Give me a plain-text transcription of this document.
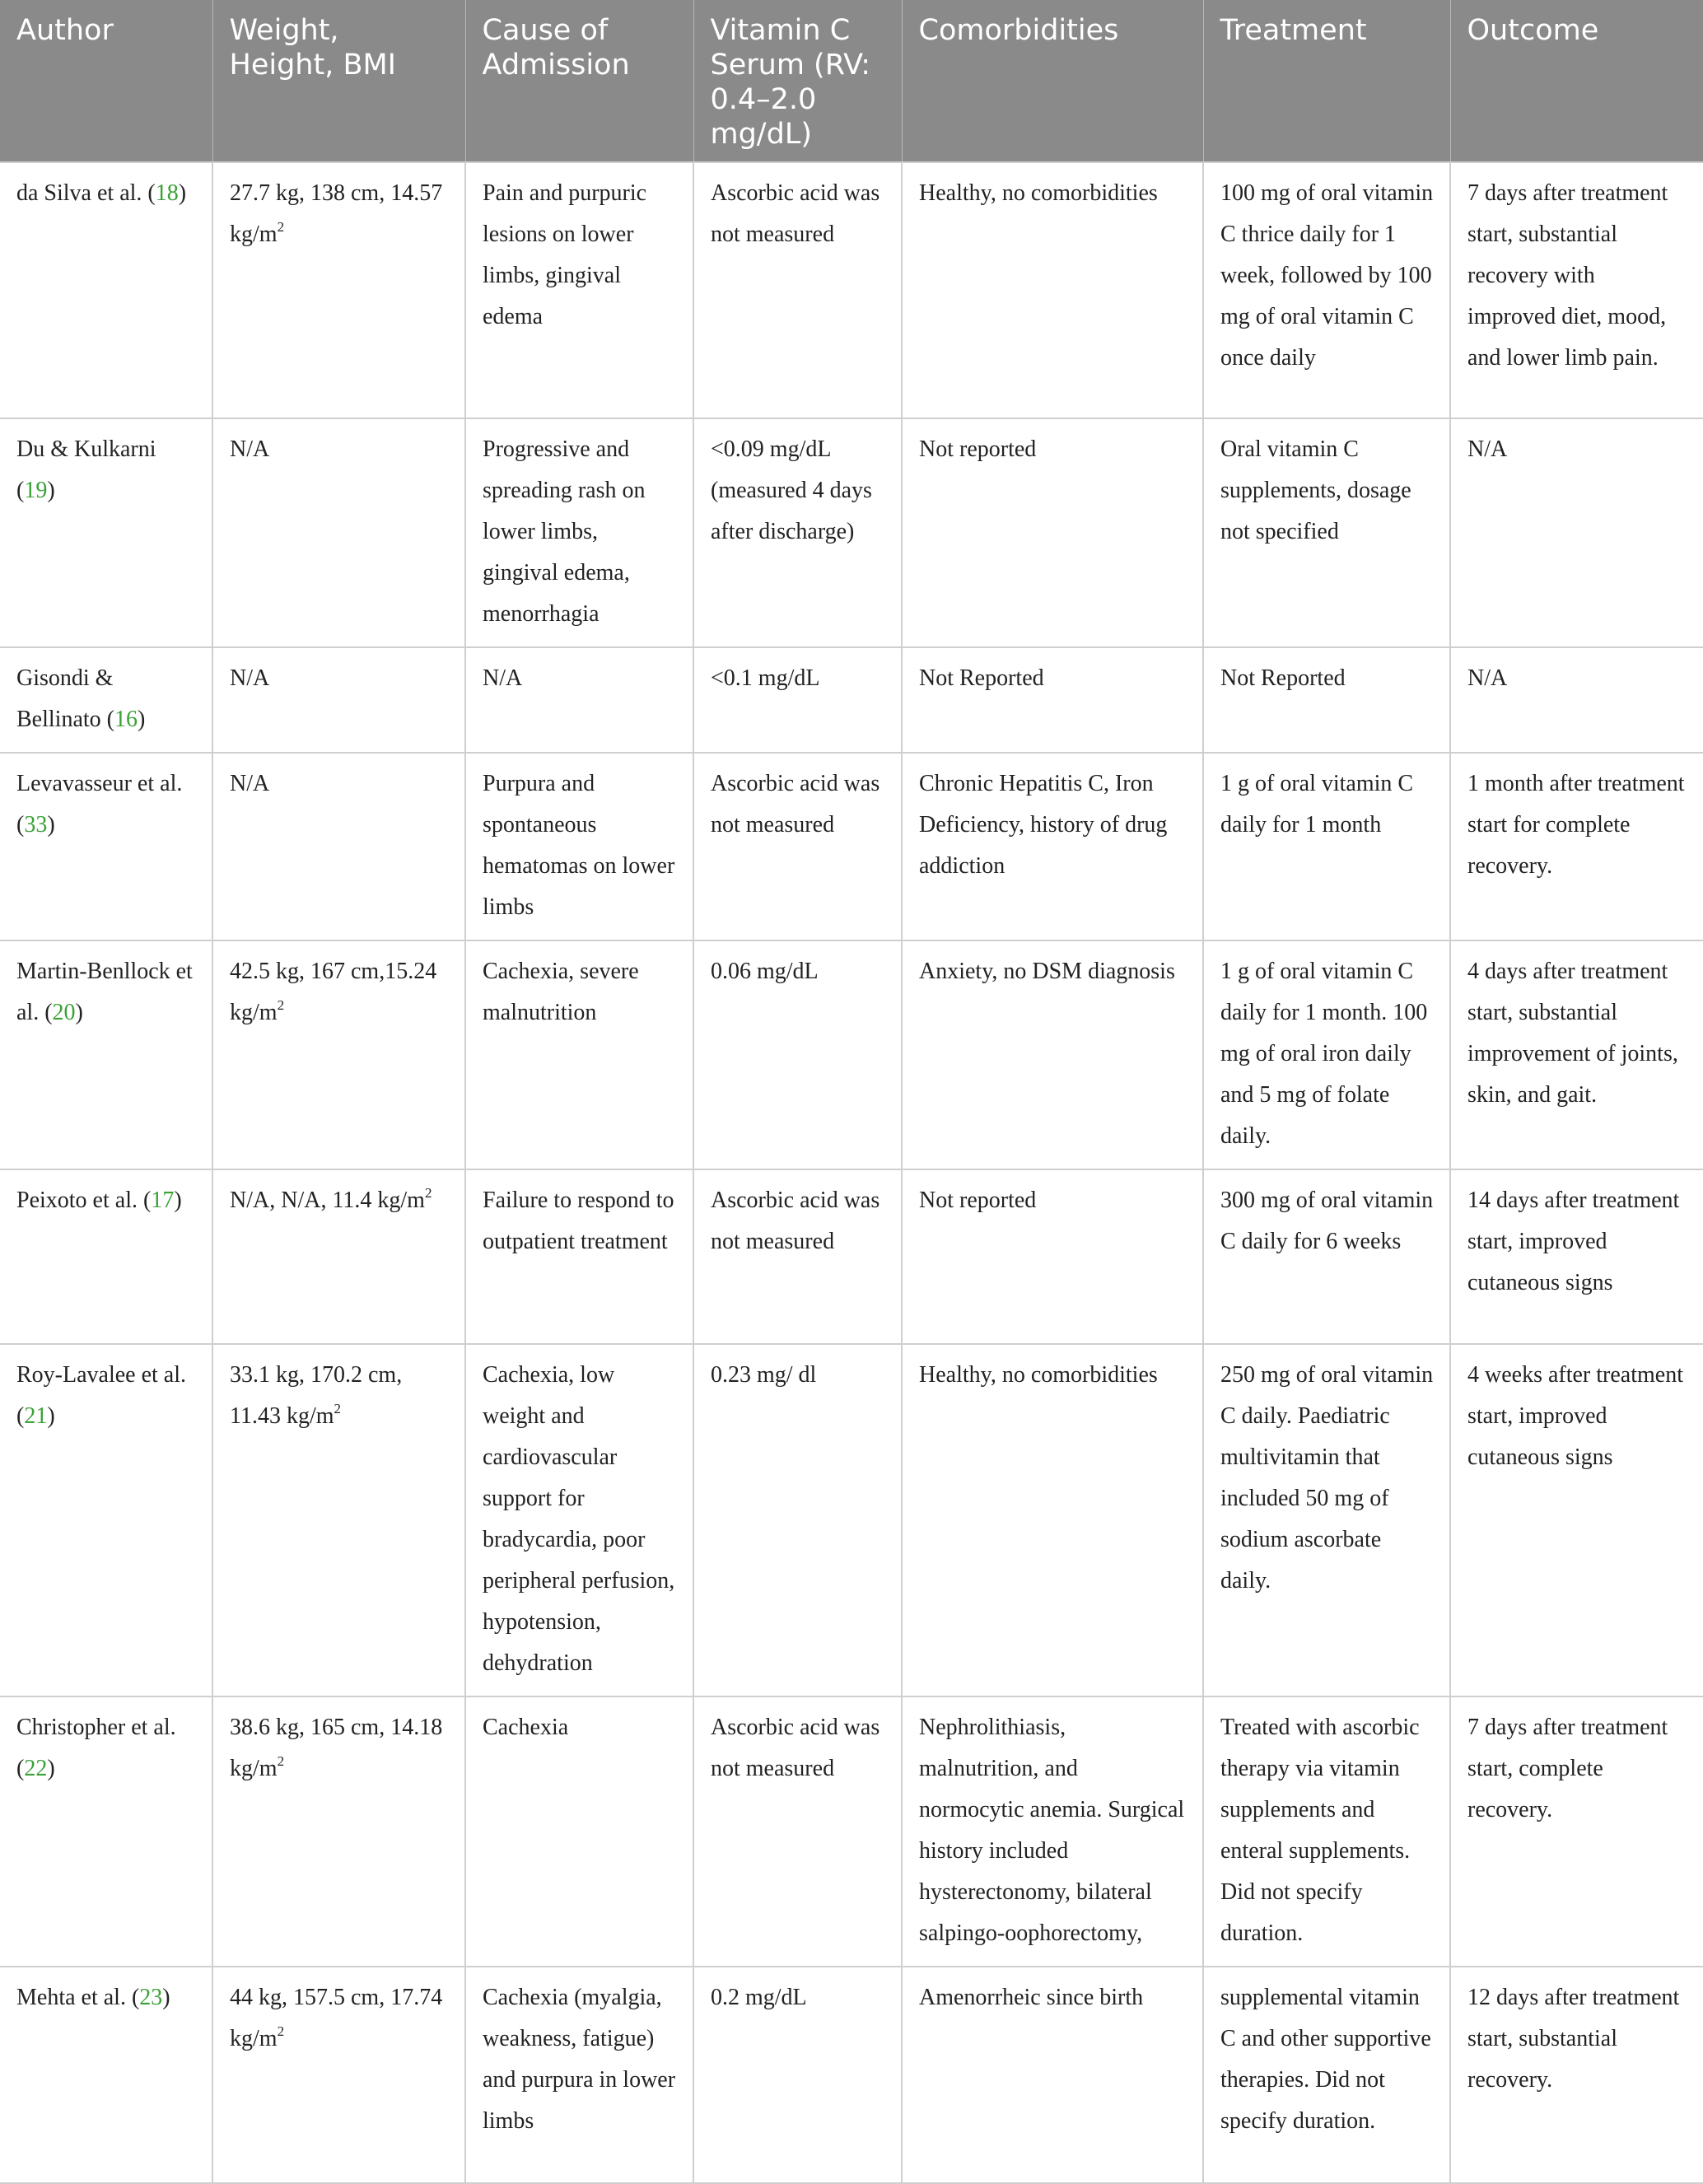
Author	Weight, Height, BMI	Cause of Admission	Vitamin C Serum (RV: 0.4–2.0 mg/dL)	Comorbidities	Treatment	Outcome
da Silva et al. (18)	27.7 kg, 138 cm, 14.57 $kg/m^2$	Pain and purpuric lesions on lower limbs, gingival edema	Ascorbic acid was not measured	Healthy, no comorbidities	100 mg of oral vitamin C thrice daily for 1 week, followed by 100 mg of oral vitamin C once daily	7 days after treatment start, substantial recovery with improved diet, mood, and lower limb pain.
Du & Kulkarni (19)	N/A	Progressive and spreading rash on lower limbs, gingival edema, menorrhagia	<0.09 mg/dL (measured 4 days after discharge)	Not reported	Oral vitamin C supplements, dosage not specified	N/A
Gisondi & Bellinato (16)	N/A	N/A	<0.1 mg/dL	Not Reported	Not Reported	N/A
Levavasseur et al. (33)	N/A	Purpura and spontaneous hematomas on lower limbs	Ascorbic acid was not measured	Chronic Hepatitis C, Iron Deficiency, history of drug addiction	1 g of oral vitamin C daily for 1 month	1 month after treatment start for complete recovery.
Martin-Benllock et al. (20)	42.5 kg, 167 cm,15.24 $kg/m^2$	Cachexia, severe malnutrition	0.06 mg/dL	Anxiety, no DSM diagnosis	1 g of oral vitamin C daily for 1 month. 100 mg of oral iron daily and 5 mg of folate daily.	4 days after treatment start, substantial improvement of joints, skin, and gait.
Peixoto et al. (17)	N/A, N/A, 11.4 $kg/m^2$	Failure to respond to outpatient treatment	Ascorbic acid was not measured	Not reported	300 mg of oral vitamin C daily for 6 weeks	14 days after treatment start, improved cutaneous signs
Roy-Lavalee et al. (21)	33.1 kg, 170.2 cm, 11.43 $kg/m^2$	Cachexia, low weight and cardiovascular support for bradycardia, poor peripheral perfusion, hypotension, dehydration	0.23 mg/ dl	Healthy, no comorbidities	250 mg of oral vitamin C daily. Paediatric multivitamin that included 50 mg of sodium ascorbate daily.	4 weeks after treatment start, improved cutaneous signs
Christopher et al. (22)	38.6 kg, 165 cm, 14.18 $kg/m^2$	Cachexia	Ascorbic acid was not measured	Nephrolithiasis, malnutrition, and normocytic anemia. Surgical history included hysterectonomy, bilateral salpingo-oophorectomy,	Treated with ascorbic therapy via vitamin supplements and enteral supplements. Did not specify duration.	7 days after treatment start, complete recovery.
Mehta et al. (23)	44 kg, 157.5 cm, 17.74 $kg/m^2$	Cachexia (myalgia, weakness, fatigue) and purpura in lower limbs	0.2 mg/dL	Amenorrheic since birth	supplemental vitamin C and other supportive therapies. Did not specify duration.	12 days after treatment start, substantial recovery.
